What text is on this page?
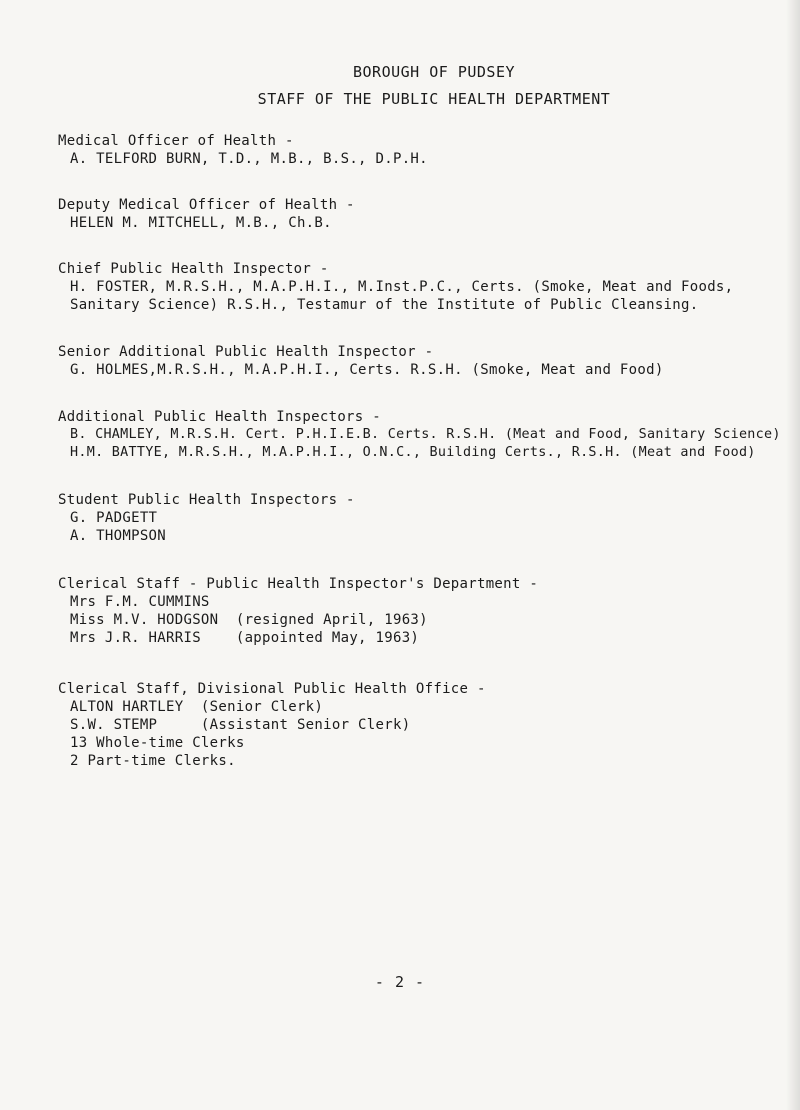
BOROUGH OF PUDSEY
STAFF OF THE PUBLIC HEALTH DEPARTMENT
Medical Officer of Health -
A. TELFORD BURN, T.D., M.B., B.S., D.P.H.
Deputy Medical Officer of Health -
HELEN M. MITCHELL, M.B., Ch.B.
Chief Public Health Inspector -
H. FOSTER, M.R.S.H., M.A.P.H.I., M.Inst.P.C., Certs. (Smoke, Meat and Foods,
Sanitary Science) R.S.H., Testamur of the Institute of Public Cleansing.
Senior Additional Public Health Inspector -
G. HOLMES,M.R.S.H., M.A.P.H.I., Certs. R.S.H. (Smoke, Meat and Food)
Additional Public Health Inspectors -
B. CHAMLEY, M.R.S.H. Cert. P.H.I.E.B. Certs. R.S.H. (Meat and Food, Sanitary Science)
H.M. BATTYE, M.R.S.H., M.A.P.H.I., O.N.C., Building Certs., R.S.H. (Meat and Food)
Student Public Health Inspectors -
G. PADGETT
A. THOMPSON
Clerical Staff - Public Health Inspector's Department -
Mrs F.M. CUMMINS
Miss M.V. HODGSON  (resigned April, 1963)
Mrs J.R. HARRIS    (appointed May, 1963)
Clerical Staff, Divisional Public Health Office -
ALTON HARTLEY  (Senior Clerk)
S.W. STEMP     (Assistant Senior Clerk)
13 Whole-time Clerks
2 Part-time Clerks.
- 2 -
